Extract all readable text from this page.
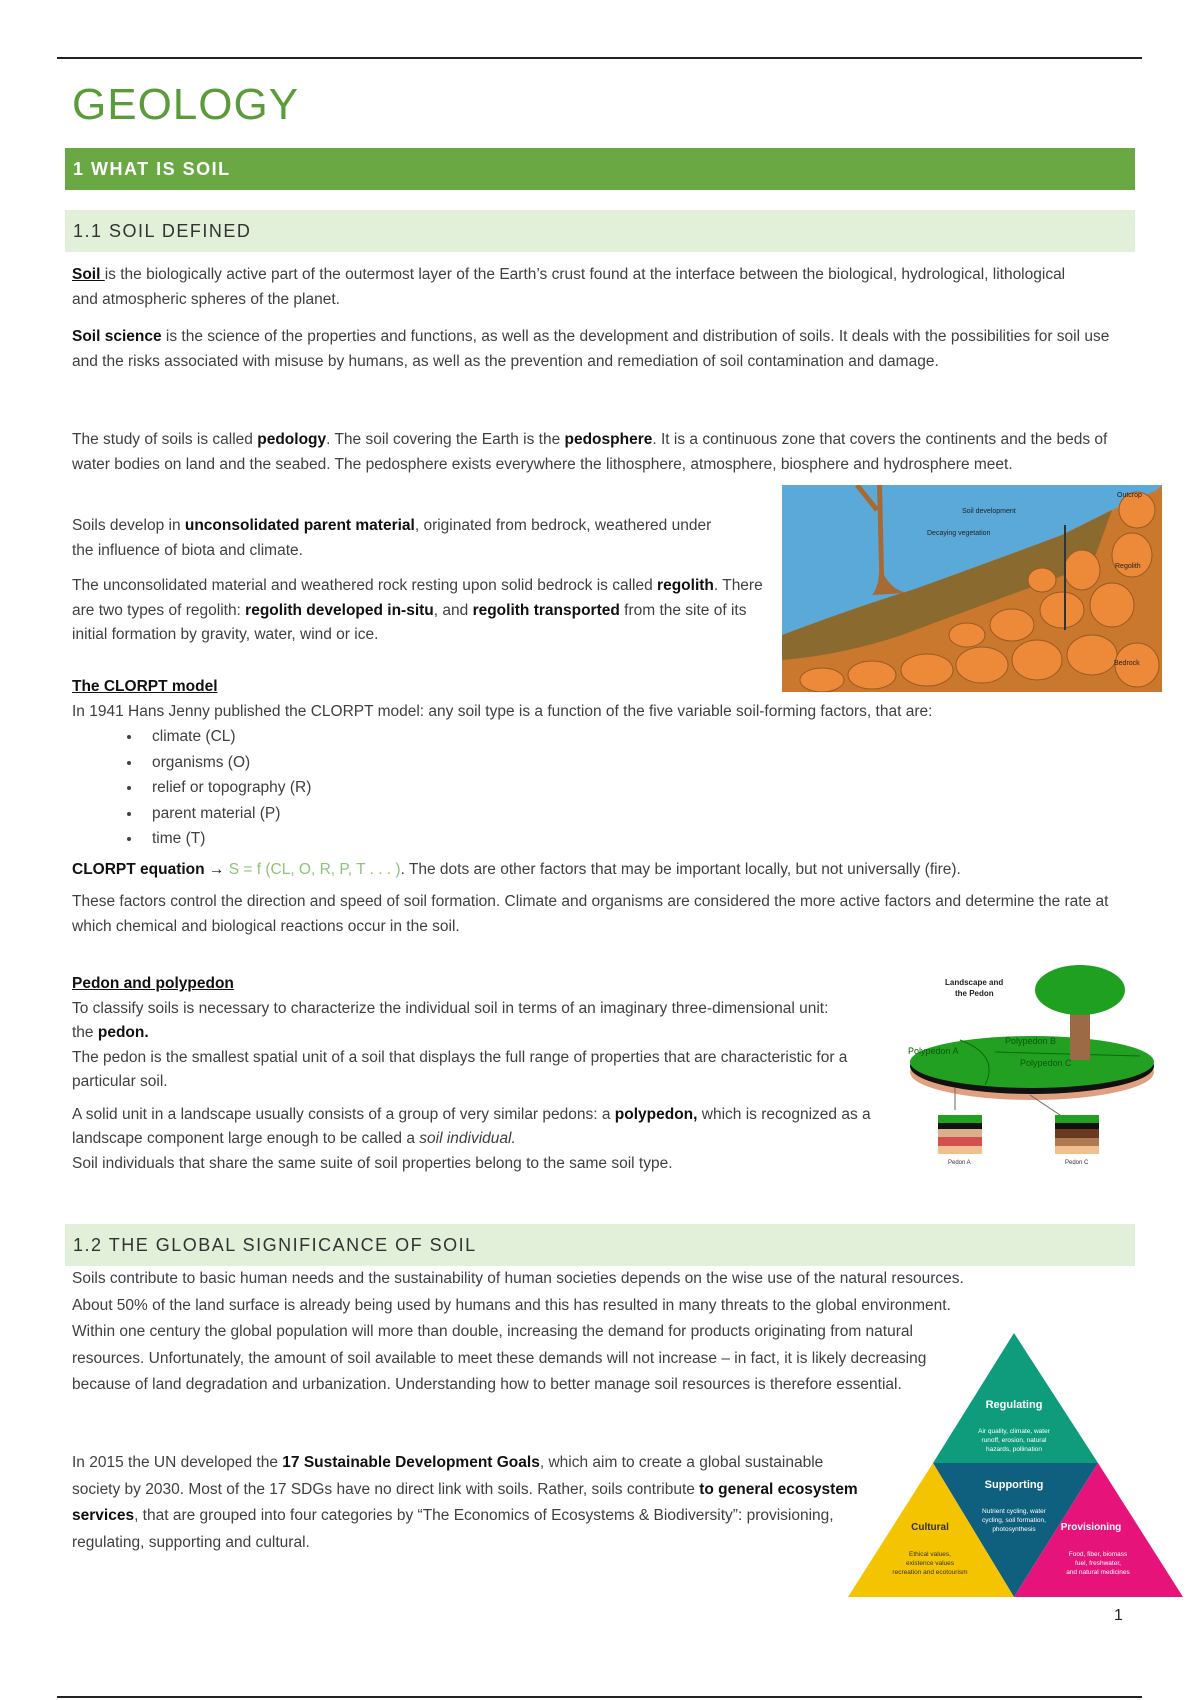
GEOLOGY
1 WHAT IS SOIL
1.1 SOIL DEFINED
Soil is the biologically active part of the outermost layer of the Earth’s crust found at the interface between the biological, hydrological, lithological and atmospheric spheres of the planet.
Soil science is the science of the properties and functions, as well as the development and distribution of soils. It deals with the possibilities for soil use and the risks associated with misuse by humans, as well as the prevention and remediation of soil contamination and damage.
The study of soils is called pedology. The soil covering the Earth is the pedosphere. It is a continuous zone that covers the continents and the beds of water bodies on land and the seabed. The pedosphere exists everywhere the lithosphere, atmosphere, biosphere and hydrosphere meet.
Soils develop in unconsolidated parent material, originated from bedrock, weathered under the influence of biota and climate.
The unconsolidated material and weathered rock resting upon solid bedrock is called regolith. There are two types of regolith: regolith developed in-situ, and regolith transported from the site of its initial formation by gravity, water, wind or ice.
Outcrop
Soil development
Decaying vegetation
Regolith
Bedrock
The CLORPT model
In 1941 Hans Jenny published the CLORPT model: any soil type is a function of the five variable soil-forming factors, that are:
• climate (CL)
• organisms (O)
• relief or topography (R)
• parent material (P)
• time (T)
CLORPT equation → S = f (CL, O, R, P, T . . . ). The dots are other factors that may be important locally, but not universally (fire).
These factors control the direction and speed of soil formation. Climate and organisms are considered the more active factors and determine the rate at which chemical and biological reactions occur in the soil.
Pedon and polypedon
To classify soils is necessary to characterize the individual soil in terms of an imaginary three-dimensional unit: the pedon.
The pedon is the smallest spatial unit of a soil that displays the full range of properties that are characteristic for a particular soil.
A solid unit in a landscape usually consists of a group of very similar pedons: a polypedon, which is recognized as a landscape component large enough to be called a soil individual.
Soil individuals that share the same suite of soil properties belong to the same soil type.
Landscape and
the Pedon
Polypedon A
Polypedon B
Polypedon C
Pedon A	Pedon C
1.2 THE GLOBAL SIGNIFICANCE OF SOIL
Soils contribute to basic human needs and the sustainability of human societies depends on the wise use of the natural resources. About 50% of the land surface is already being used by humans and this has resulted in many threats to the global environment. Within one century the global population will more than double, increasing the demand for products originating from natural resources. Unfortunately, the amount of soil available to meet these demands will not increase – in fact, it is likely decreasing because of land degradation and urbanization. Understanding how to better manage soil resources is therefore essential.
In 2015 the UN developed the 17 Sustainable Development Goals, which aim to create a global sustainable society by 2030. Most of the 17 SDGs have no direct link with soils. Rather, soils contribute to general ecosystem services, that are grouped into four categories by “The Economics of Ecosystems & Biodiversity”: provisioning, regulating, supporting and cultural.
Regulating
Air quality, climate, water
runoff, erosion, natural
hazards, pollination
Supporting
Nutrient cycling, water
cycling, soil formation,
photosynthesis	Provisioning
Food, fiber, biomass
fuel, freshwater,
and natural medicines
Cultural
Ethical values,
existence values
recreation and ecotourism
1
